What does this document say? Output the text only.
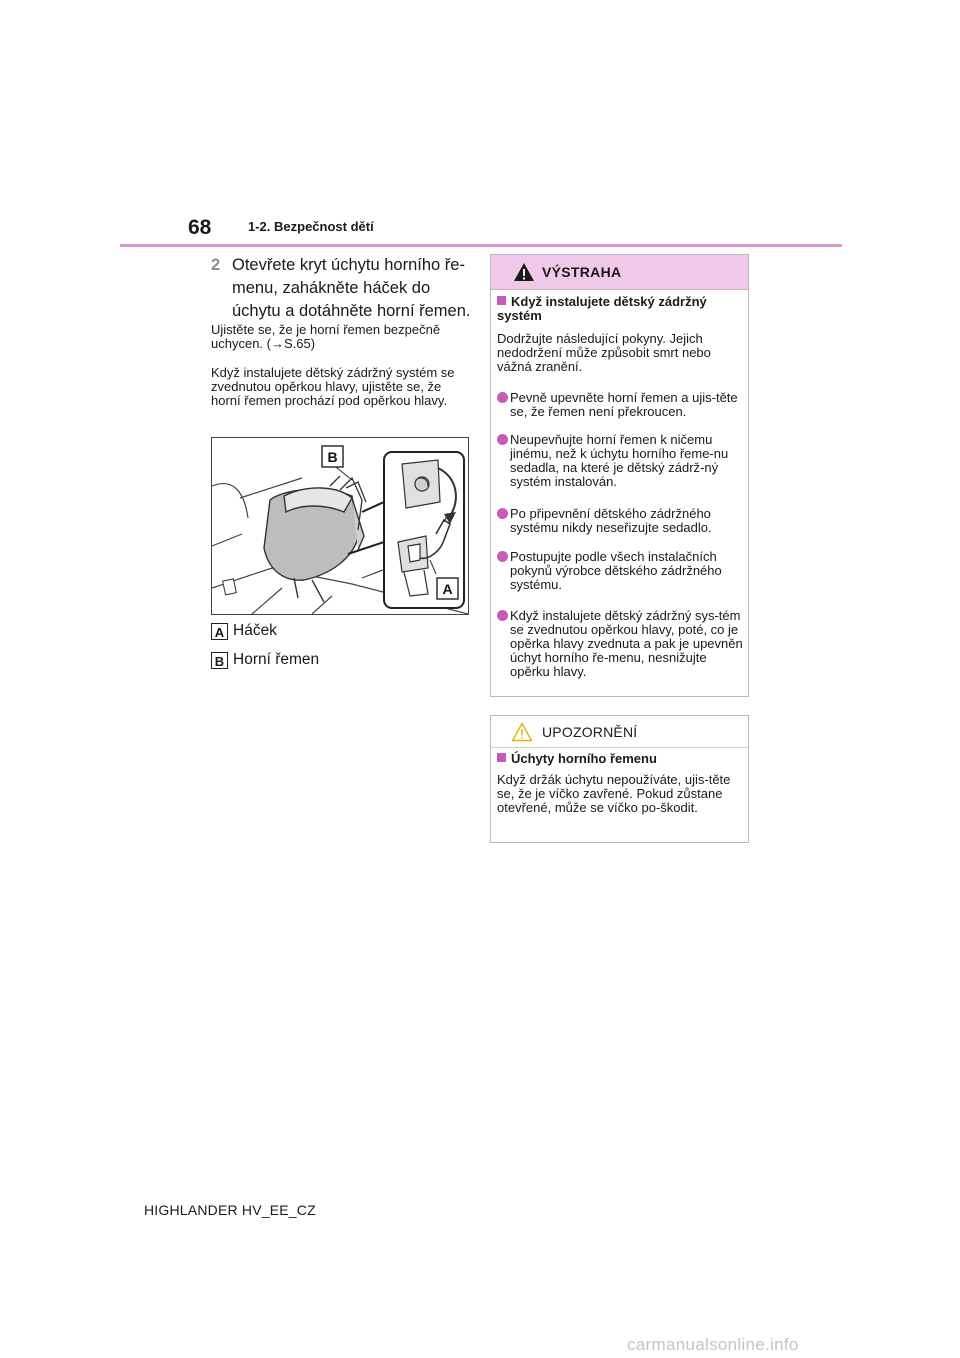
68	1-2. Bezpečnost dětí
2 Otevřete kryt úchytu horního ře-menu, zahákněte háček do úchytu a dotáhněte horní řemen.
Ujistěte se, že je horní řemen bezpečně uchycen. (→S.65)
Když instalujete dětský zádržný systém se zvednutou opěrkou hlavy, ujistěte se, že horní řemen prochází pod opěrkou hlavy.
B
A
A Háček
B Horní řemen
VÝSTRAHA
Když instalujete dětský zádržný systém
Dodržujte následující pokyny. Jejich nedodržení může způsobit smrt nebo vážná zranění.
Pevně upevněte horní řemen a ujis-těte se, že řemen není překroucen.
Neupevňujte horní řemen k ničemu jinému, než k úchytu horního řeme-nu sedadla, na které je dětský zádrž-ný systém instalován.
Po připevnění dětského zádržného systému nikdy neseřizujte sedadlo.
Postupujte podle všech instalačních pokynů výrobce dětského zádržného systému.
Když instalujete dětský zádržný sys-tém se zvednutou opěrkou hlavy, poté, co je opěrka hlavy zvednuta a pak je upevněn úchyt horního ře-menu, nesnižujte opěrku hlavy.
UPOZORNĚNÍ
Úchyty horního řemenu
Když držák úchytu nepoužíváte, ujis-těte se, že je víčko zavřené. Pokud zůstane otevřené, může se víčko po-škodit.
HIGHLANDER HV_EE_CZ
carmanualsonline.info
